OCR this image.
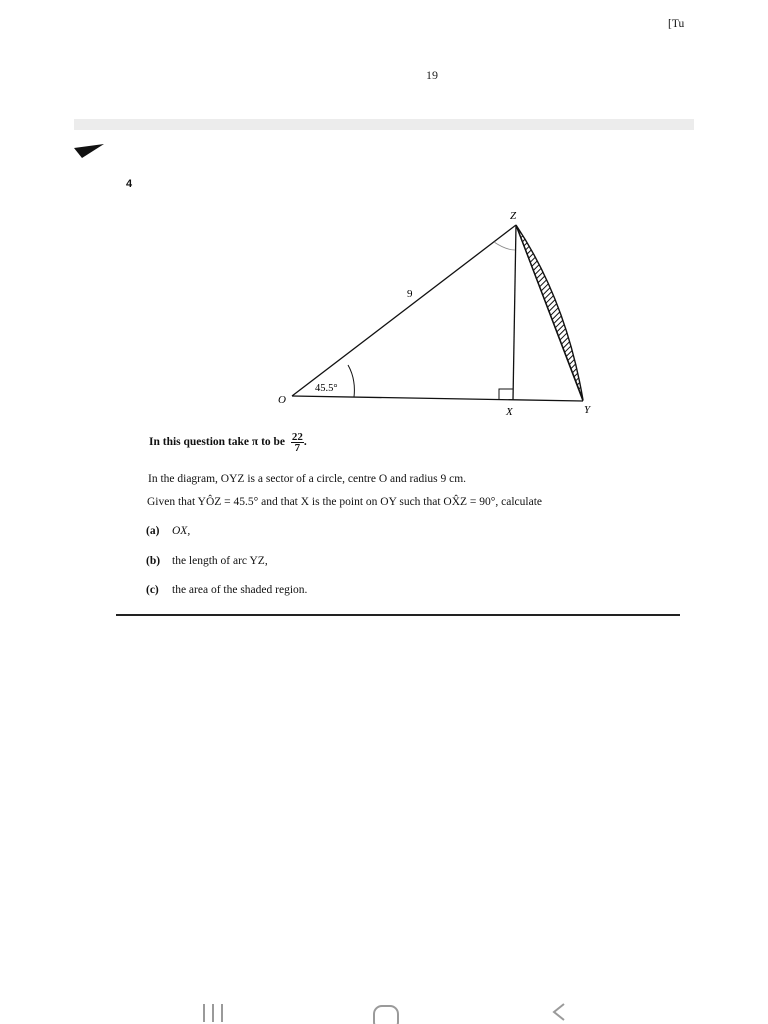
[Tu
19
4
O
X	Y
Z
9
45.5°
In this question take π to be $\frac{22}{7}$ .
In the diagram, OYZ is a sector of a circle, centre O and radius 9 cm.
Given that YÔZ = 45.5° and that X is the point on OY such that OX̂Z = 90°, calculate
(a) OX,
(b) the length of arc YZ,
(c) the area of the shaded region.
